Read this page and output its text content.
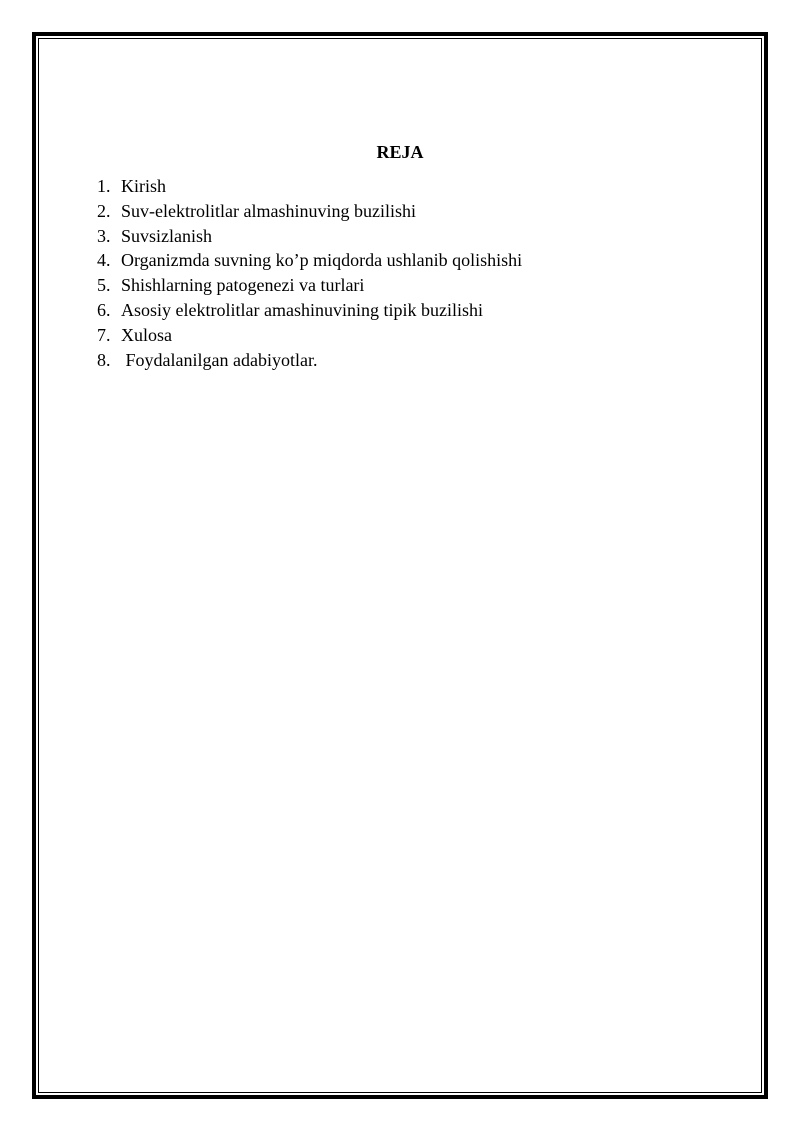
REJA
1. Kirish
2. Suv-elektrolitlar almashinuving buzilishi
3. Suvsizlanish
4. Organizmda suvning ko’p miqdorda ushlanib qolishishi
5. Shishlarning patogenezi va turlari
6. Asosiy elektrolitlar amashinuvining tipik buzilishi
7. Xulosa
8. Foydalanilgan adabiyotlar.
